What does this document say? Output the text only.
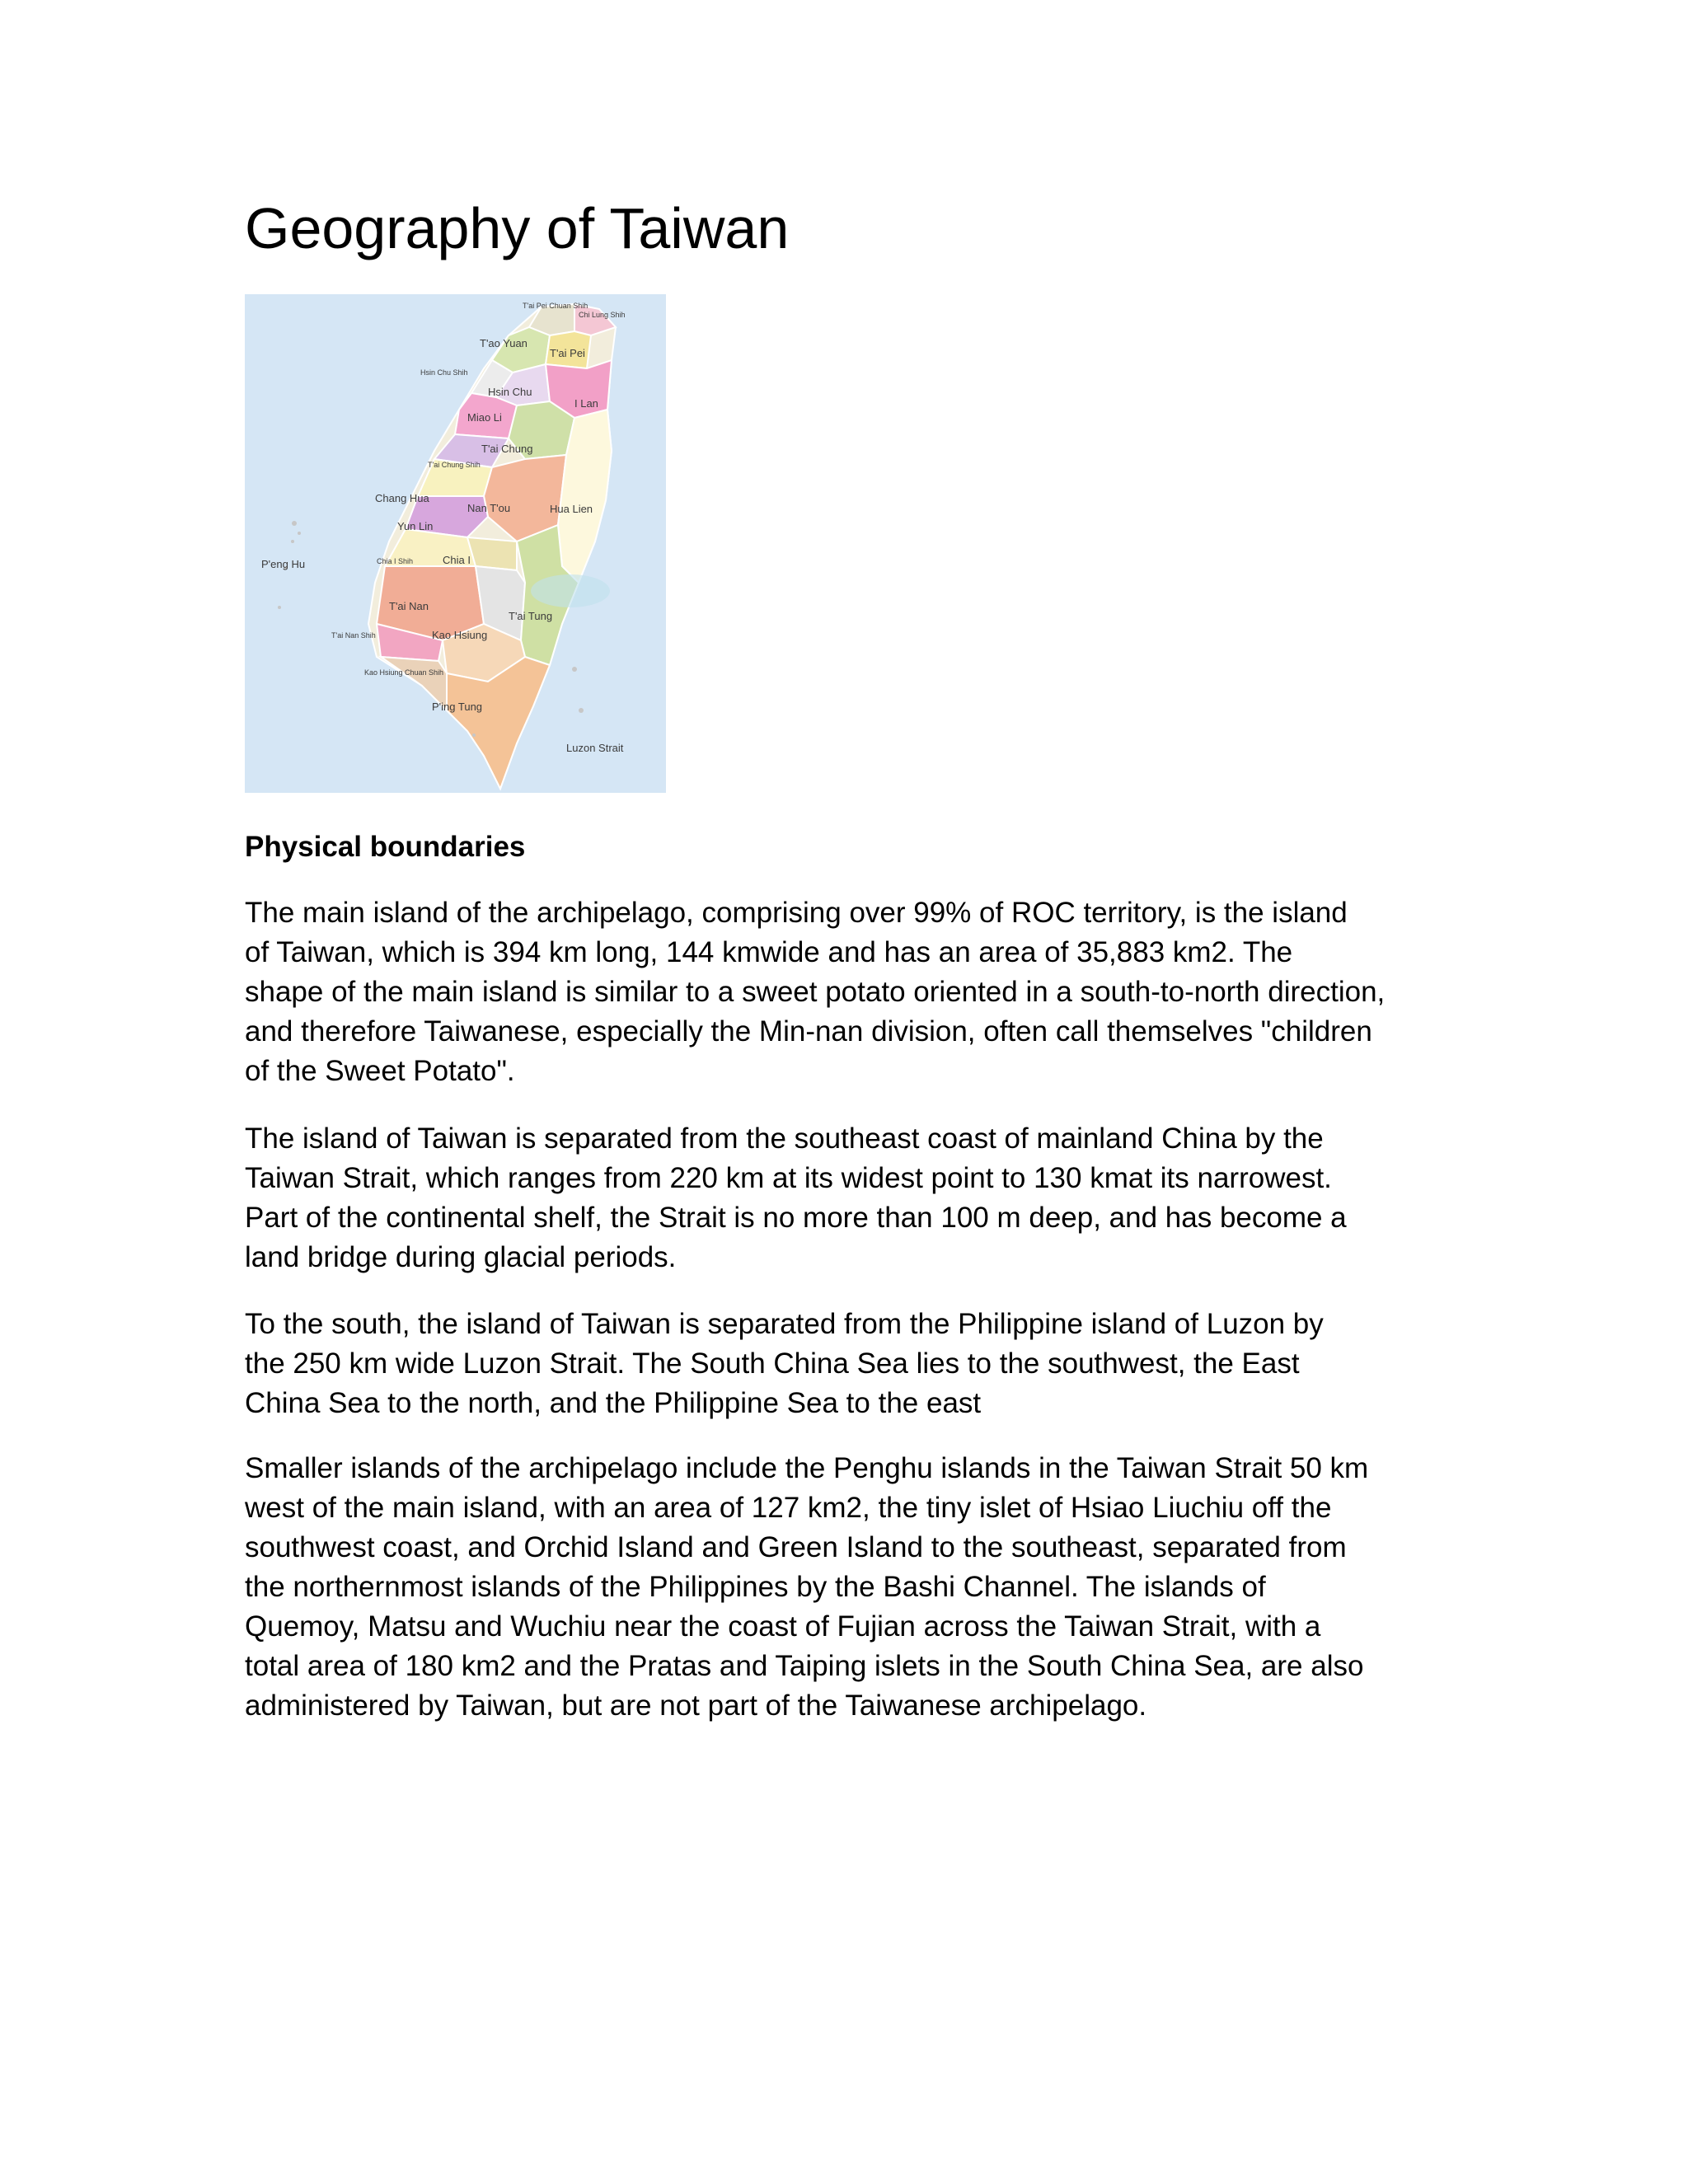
Geography of Taiwan
T'ai Pei Chuan Shih
Chi Lung Shih
T'ao Yuan
T'ai Pei
Hsin Chu Shih
Hsin Chu
I Lan
Miao Li
T'ai Chung
T'ai Chung Shih
Chang Hua
Nan T'ou	Hua Lien
Yun Lin
P'eng Hu	Chia I Shih	Chia I
T'ai Nan
T'ai Tung
T'ai Nan Shih	Kao Hsiung
Kao Hsiung Chuan Shih
P'ing Tung
Luzon Strait
Physical boundaries

The main island of the archipelago, comprising over 99% of ROC territory, is the island
of Taiwan, which is 394 km long, 144 kmwide and has an area of 35,883 km2. The
shape of the main island is similar to a sweet potato oriented in a south-to-north direction,
and therefore Taiwanese, especially the Min-nan division, often call themselves "children
of the Sweet Potato".

The island of Taiwan is separated from the southeast coast of mainland China by the
Taiwan Strait, which ranges from 220 km at its widest point to 130 kmat its narrowest.
Part of the continental shelf, the Strait is no more than 100 m deep, and has become a
land bridge during glacial periods.

To the south, the island of Taiwan is separated from the Philippine island of Luzon by
the 250 km wide Luzon Strait. The South China Sea lies to the southwest, the East
China Sea to the north, and the Philippine Sea to the east

Smaller islands of the archipelago include the Penghu islands in the Taiwan Strait 50 km
west of the main island, with an area of 127 km2, the tiny islet of Hsiao Liuchiu off the
southwest coast, and Orchid Island and Green Island to the southeast, separated from
the northernmost islands of the Philippines by the Bashi Channel. The islands of
Quemoy, Matsu and Wuchiu near the coast of Fujian across the Taiwan Strait, with a
total area of 180 km2 and the Pratas and Taiping islets in the South China Sea, are also
administered by Taiwan, but are not part of the Taiwanese archipelago.
